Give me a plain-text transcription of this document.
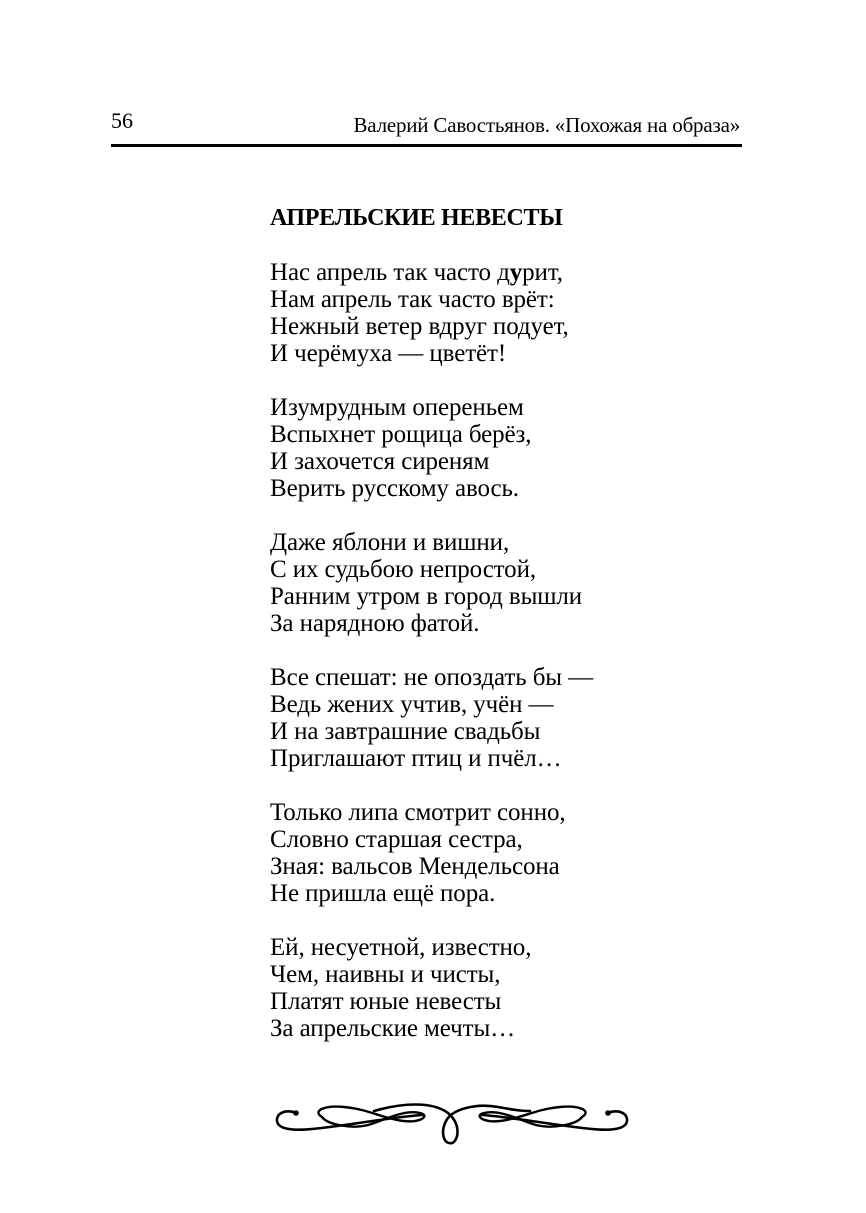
56	Валерий Савостьянов. «Похожая на образа»
АПРЕЛЬСКИЕ НЕВЕСТЫ
Нас апрель так часто дурит,
Нам апрель так часто врёт:
Нежный ветер вдруг подует,
И черёмуха — цветёт!
Изумрудным опереньем
Вспыхнет рощица берёз,
И захочется сиреням
Верить русскому авось.
Даже яблони и вишни,
С их судьбою непростой,
Ранним утром в город вышли
За нарядною фатой.
Все спешат: не опоздать бы —
Ведь жених учтив, учён —
И на завтрашние свадьбы
Приглашают птиц и пчёл…
Только липа смотрит сонно,
Словно старшая сестра,
Зная: вальсов Мендельсона
Не пришла ещё пора.
Ей, несуетной, известно,
Чем, наивны и чисты,
Платят юные невесты
За апрельские мечты…
